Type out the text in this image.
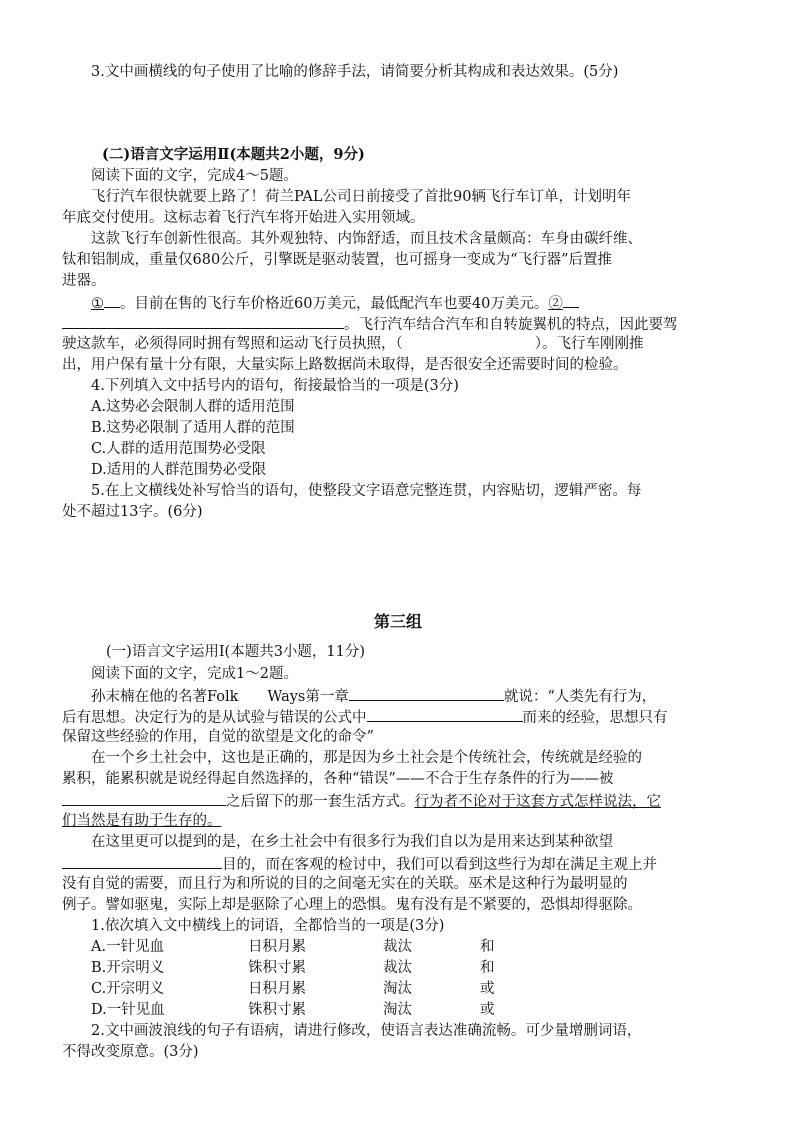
3.文中画横线的句子使用了比喻的修辞手法，请简要分析其构成和表达效果。(5分)
(二)语言文字运用Ⅱ(本题共2小题，9分)
阅读下面的文字，完成4～5题。
飞行汽车很快就要上路了！荷兰PAL公司日前接受了首批90辆飞行车订单，计划明年
年底交付使用。这标志着飞行汽车将开始进入实用领域。
这款飞行车创新性很高。其外观独特、内饰舒适，而且技术含量颇高：车身由碳纤维、
钛和铝制成，重量仅680公斤，引擎既是驱动装置，也可摇身一变成为“飞行器”后置推
进器。
① 。目前在售的飞行车价格近60万美元，最低配汽车也要40万美元。②
。飞行汽车结合汽车和自转旋翼机的特点，因此要驾
驶这款车，必须得同时拥有驾照和运动飞行员执照，（	）。飞行车刚刚推
出，用户保有量十分有限，大量实际上路数据尚未取得，是否很安全还需要时间的检验。
4.下列填入文中括号内的语句，衔接最恰当的一项是(3分)
A.这势必会限制人群的适用范围
B.这势必限制了适用人群的范围
C.人群的适用范围势必受限
D.适用的人群范围势必受限
5.在上文横线处补写恰当的语句，使整段文字语意完整连贯，内容贴切，逻辑严密。每
处不超过13字。(6分)
第三组
(一)语言文字运用Ⅰ(本题共3小题，11分)
阅读下面的文字，完成1～2题。
孙末楠在他的名著Folk　　Ways第一章	就说：“人类先有行为，
后有思想。决定行为的是从试验与错误的公式中	而来的经验，思想只有
保留这些经验的作用，自觉的欲望是文化的命令”
在一个乡土社会中，这也是正确的，那是因为乡土社会是个传统社会，传统就是经验的
累积，能累积就是说经得起自然选择的，各种“错误”——不合于生存条件的行为——被
之后留下的那一套生活方式。行为者不论对于这套方式怎样说法，它
们当然是有助于生存的。
在这里更可以提到的是，在乡土社会中有很多行为我们自以为是用来达到某种欲望
目的，而在客观的检讨中，我们可以看到这些行为却在满足主观上并
没有自觉的需要，而且行为和所说的目的之间毫无实在的关联。巫术是这种行为最明显的
例子。譬如驱鬼，实际上却是驱除了心理上的恐惧。鬼有没有是不紧要的，恐惧却得驱除。
1.依次填入文中横线上的词语，全都恰当的一项是(3分)
A.一针见血	日积月累	裁汰	和
B.开宗明义	铢积寸累	裁汰	和
C.开宗明义	日积月累	淘汰	或
D.一针见血	铢积寸累	淘汰	或
2.文中画波浪线的句子有语病，请进行修改，使语言表达准确流畅。可少量增删词语，
不得改变原意。(3分)
